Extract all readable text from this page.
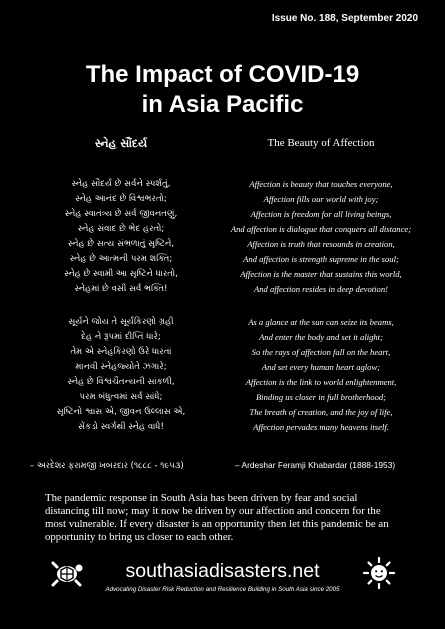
Issue No. 188, September 2020
The Impact of COVID-19
in Asia Pacific
સ્નેહ સૌંદર્ય
સ્નેહ સૌંદર્ય છે સર્વને સ્પર્શતું,
સ્નેહ આનંદ છે વિશ્વભરતો;
સ્નેહ સ્વાતંત્ર્ય છે સર્વ જીવનતણું,
સ્નેહ સંવાદ છે ભેદ હરતો;
સ્નેહ છે સત્ય સંભળાતું સૃષ્ટિને,
સ્નેહ છે આત્મની પરમ શક્તિ;
સ્નેહ છે સ્વામી આ સૃષ્ટિને ધારતો,
સ્નેહમાં છે વસી સર્વ ભક્તિ!
સૂર્યને જોય તે સૂર્યકિરણો ગ્રહી
દેહ ને રૂપમાં દીપ્તિ ધારે;
તેમ એ સ્નેહકિરણો ઉરે ધારતાં
માનવી સ્નેહજ્યોતે ઝગારે;
સ્નેહ છે વિશ્વચૈતન્યની સાંકળી,
પરમ બંધુત્વમાં સર્વ સાંધે;
સૃષ્ટિનો શ્વાસ એ, જીવન ઉલ્લાસ એ,
સેંકડો સ્વર્ગથી સ્નેહ વાધે!
The Beauty of Affection
Affection is beauty that touches everyone,
Affection fills our world with joy;
Affection is freedom for all living beings,
And affection is dialogue that conquers all distance;
Affection is truth that resounds in creation,
And affection is strength supreme in the soul;
Affection is the master that sustains this world,
And affection resides in deep devotion!
As a glance at the sun can seize its beams,
And enter the body and set it alight;
So the rays of affection fall on the heart,
And set every human heart aglow;
Affection is the link to world enlightenment,
Binding us closer in full brotherhood;
The breath of creation, and the joy of life,
Affection pervades many heavens itself.
– અરદેશર ફરામજી ખબરદાર (૧૮૮૮ - ૧૯૫૩)	– Ardeshar Feramji Khabardar (1888-1953)
The pandemic response in South Asia has been driven by fear and social distancing till now; may it now be driven by our affection and concern for the most vulnerable. If every disaster is an opportunity then let this pandemic be an opportunity to bring us closer to each other.
southasiadisasters.net
Advocating Disaster Risk Reduction and Resilience Building in South Asia since 2005
